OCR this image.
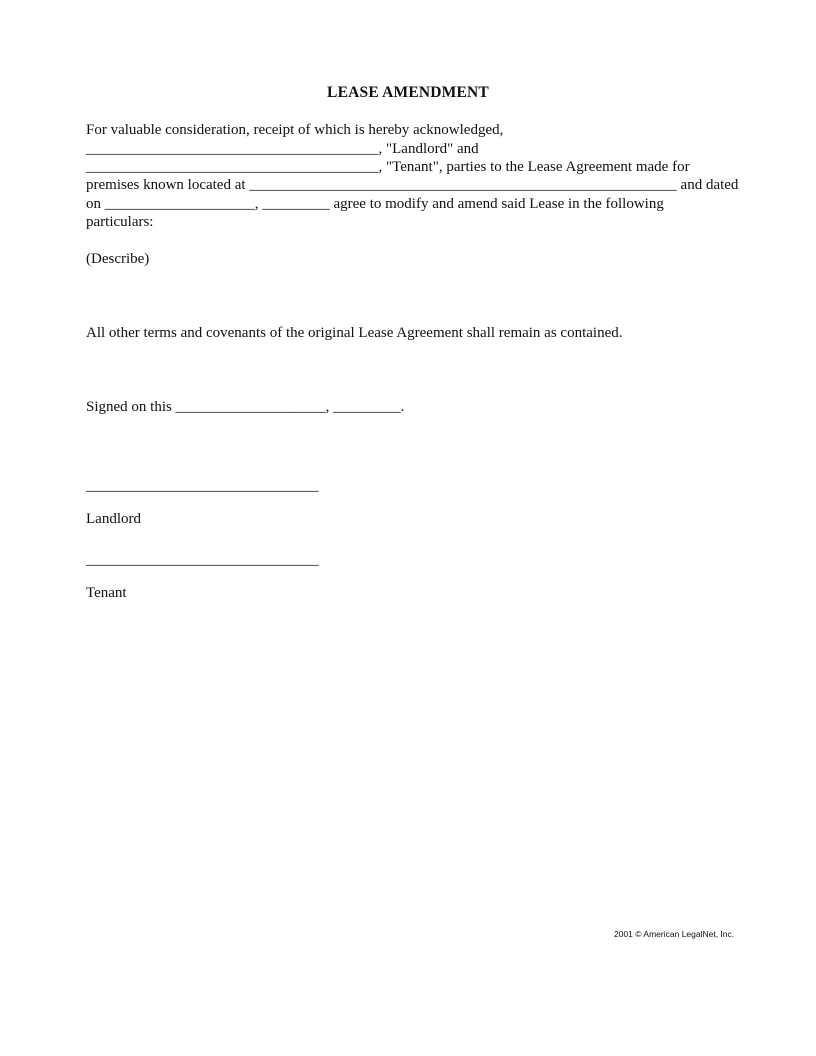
LEASE AMENDMENT
For valuable consideration, receipt of which is hereby acknowledged,
_______________________________________, "Landlord" and
_______________________________________, "Tenant", parties to the Lease Agreement made for
premises known located at _________________________________________________________ and dated
on ____________________, _________ agree to modify and amend said Lease in the following
particulars:
(Describe)
All other terms and covenants of the original Lease Agreement shall remain as contained.
Signed on this ____________________, _________.
_______________________________
Landlord
_______________________________
Tenant
2001 © American LegalNet, Inc.
